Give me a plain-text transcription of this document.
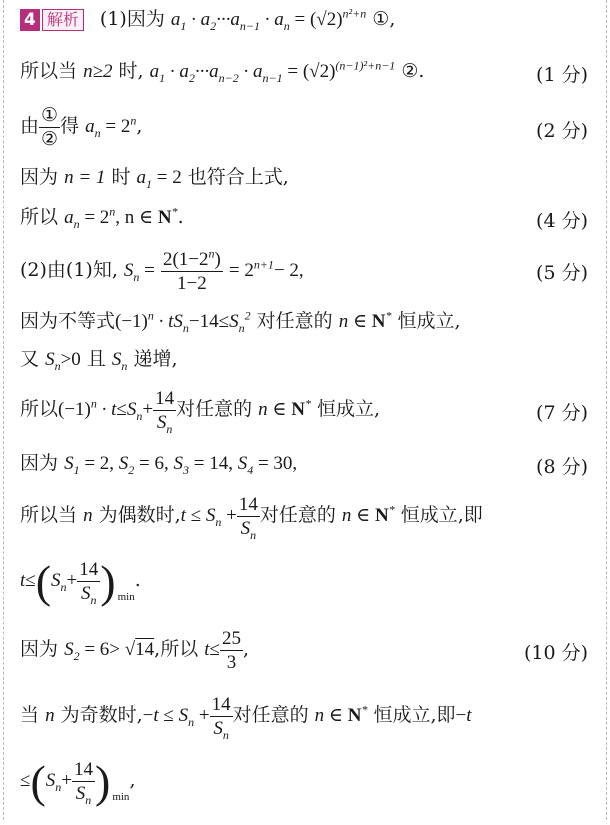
4 解析 (1)因为 $a_1 \cdot a_2\cdot\cdot\cdot a_{n-1} \cdot a_n = (√2)^{n^2+n}$ ①,
所以当 n≥2 时, $a_1 \cdot a_2\cdot\cdot\cdot a_{n-2} \cdot a_{n-1} = (√2)^{(n-1)^2+n-1}$ ②.	(1 分)
由 $\frac{\text{①}}{\text{②}}$ 得 $a_n = 2^n$,	(2 分)
因为 n = 1 时 $a_1 = 2$ 也符合上式,
所以 $a_n = 2^n$, n ∈ N*.	(4 分)
(2)由(1)知, $S_n = \frac{2(1-2^n)}{1-2} = 2^{n+1}- 2$,	(5 分)
因为不等式$(-1)^n \cdot tS_n-14\le S_n^2$ 对任意的 n ∈ N* 恒成立,
又 $S_n>0$ 且 $S_n$ 递增,
所以$(-1)^n \cdot t\le S_n+ \frac{14}{S_n}$ 对任意的 n ∈ N* 恒成立,	(7 分)
因为 $S_1 = 2$, $S_2 = 6$, $S_3 = 14$, $S_4 = 30$,	(8 分)
所以当 n 为偶数时$,t \le S_n + \frac{14}{S_n}$ 对任意的 n ∈ N* 恒成立,即
$t\le(S_n+ \frac{14}{S_n}$ ) $_{min}$.
因为 $S_2 = 6> √14$,所以 $t\le \frac{25}{3}$ ,	(10 分)
当 n 为奇数时$,-t \le S_n + \frac{14}{S_n}$ 对任意的 n ∈ N* 恒成立,即−t
$\le(S_n+ \frac{14}{S_n}$ ) $_{min}$,
